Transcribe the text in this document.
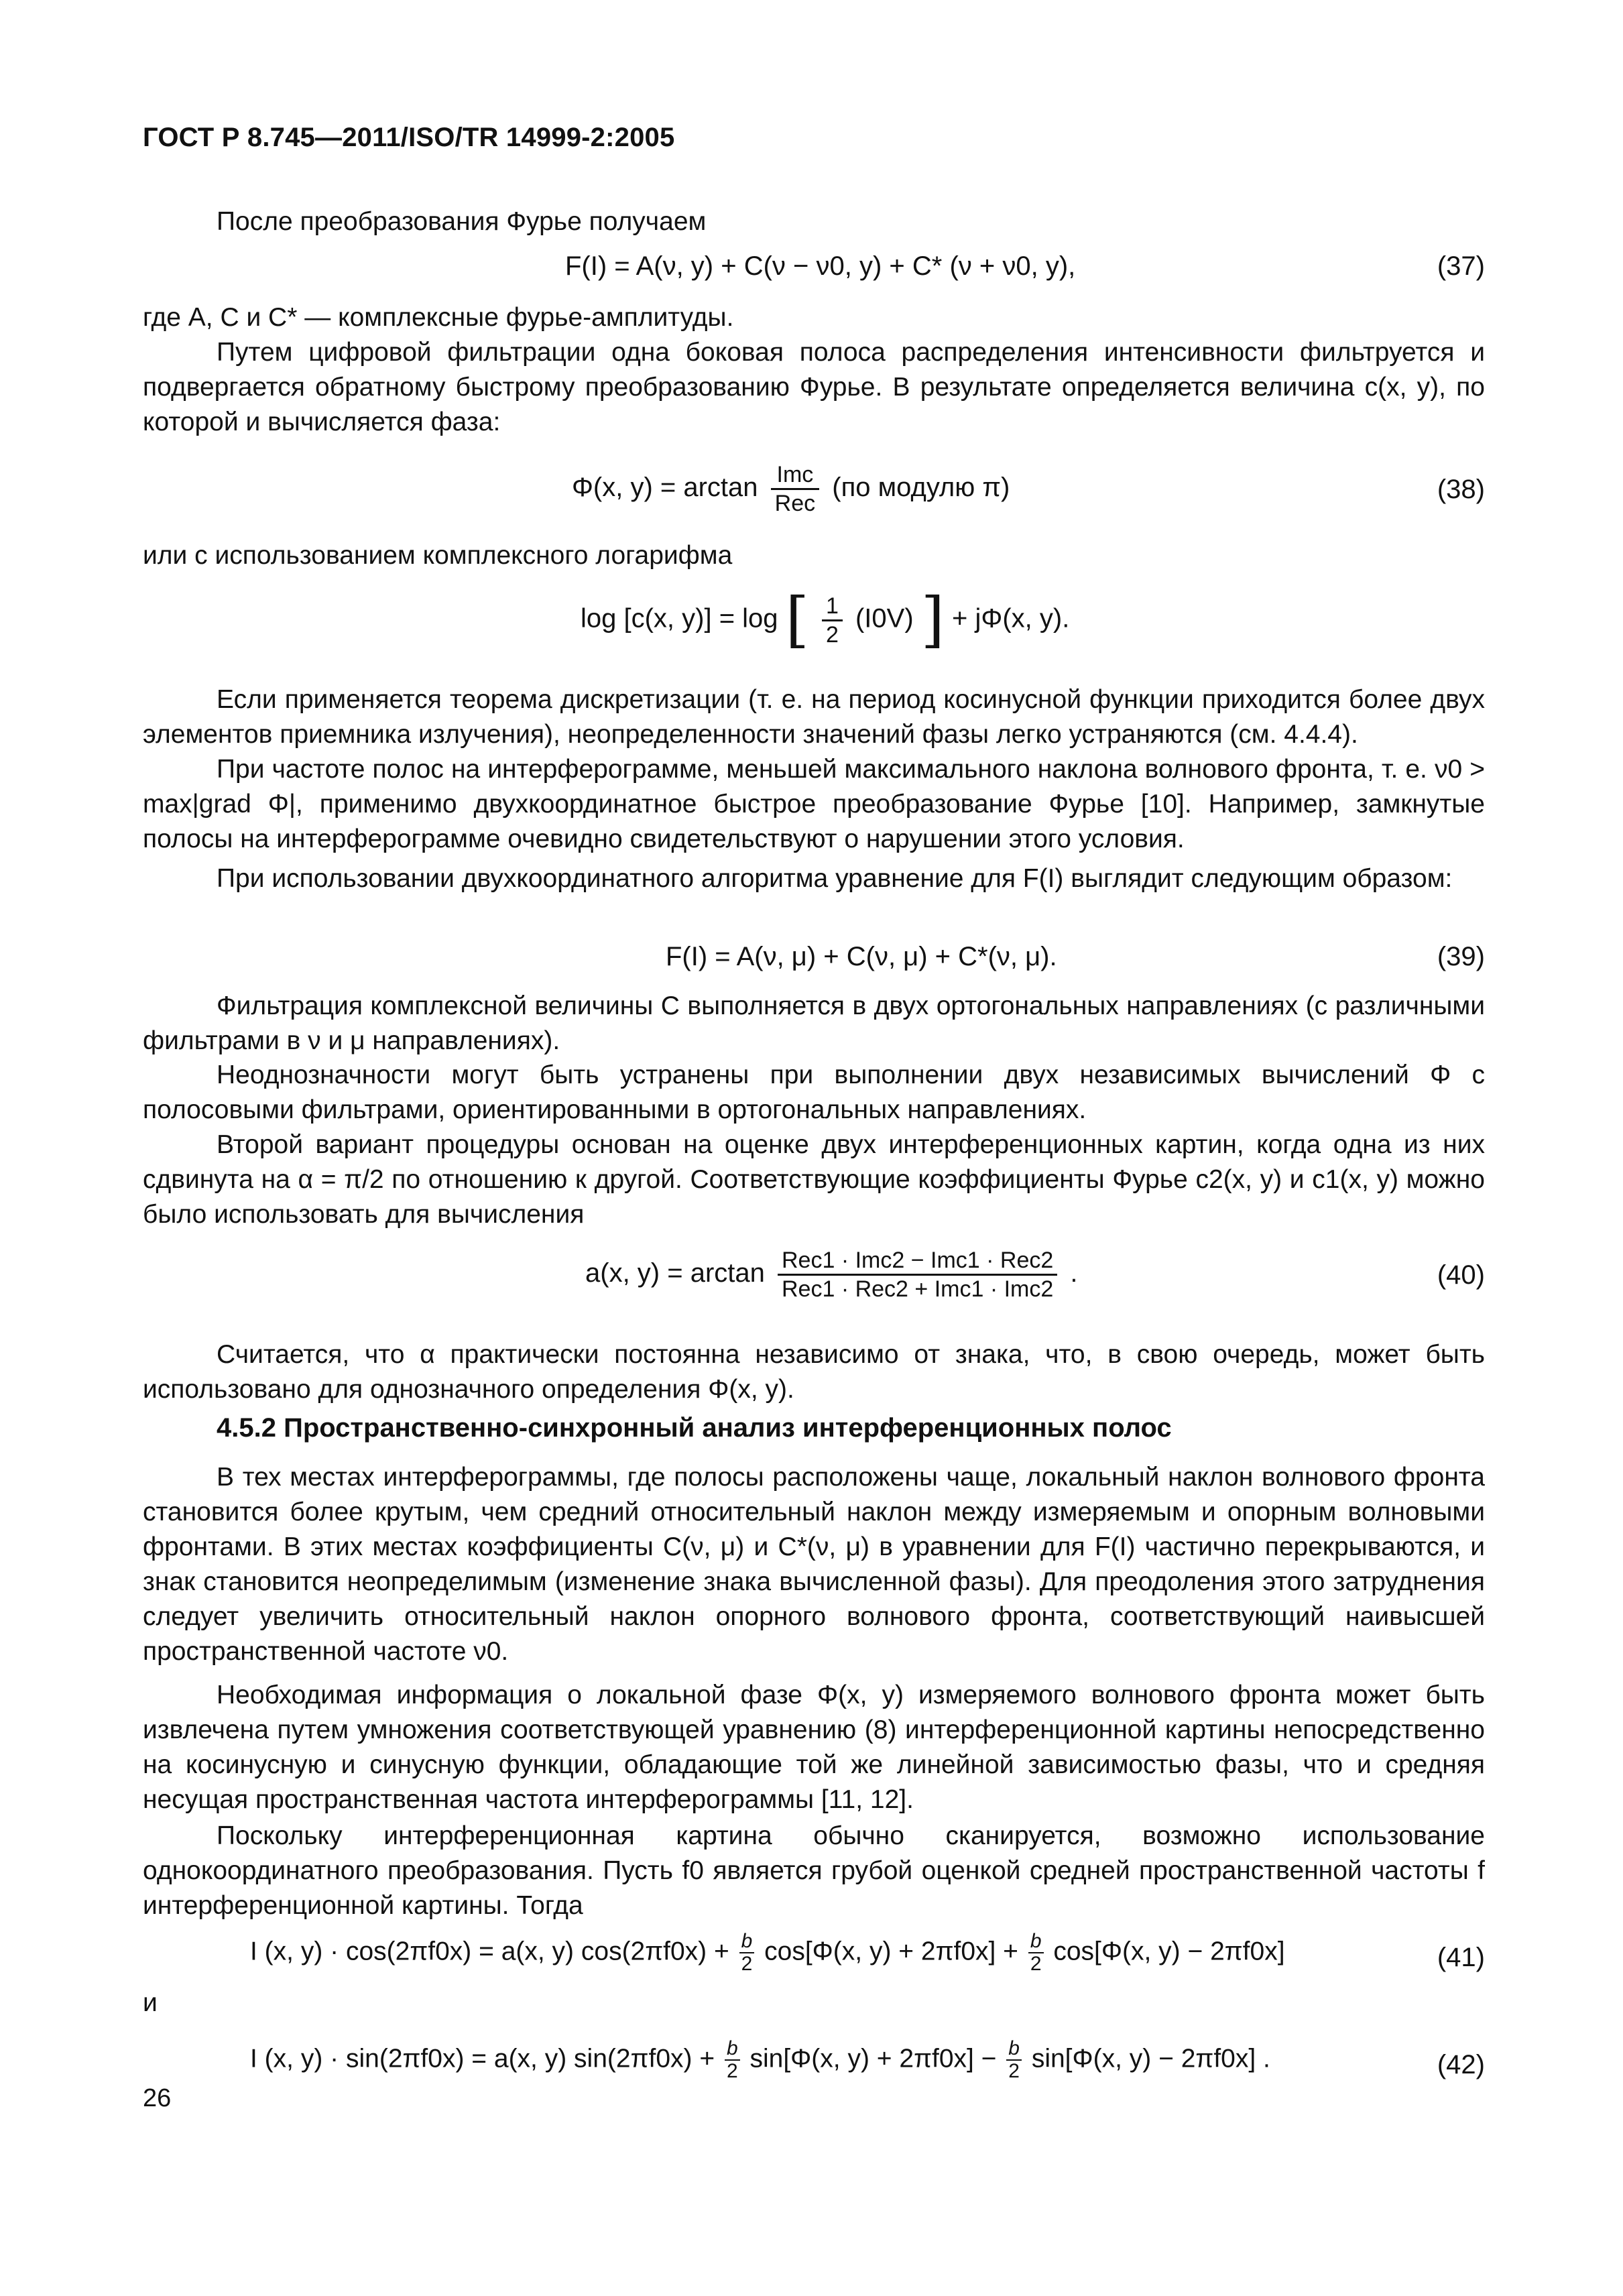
ГОСТ Р 8.745—2011/ISO/TR 14999-2:2005

После преобразования Фурье получаем

F(I) = A(ν, y) + C(ν − ν0, y) + C* (ν + ν0, y),	(37)

где A, C и C* — комплексные фурье-амплитуды.

Путем цифровой фильтрации одна боковая полоса распределения интенсивности фильтруется и подвергается обратному быстрому преобразованию Фурье. В результате определяется величина c(x, y), по которой и вычисляется фаза:

Φ(x, $y) = \arctan \frac{\text{Imc}}{\text{Rec}} (по$ модулю π)	(38)

или с использованием комплексного логарифма

log [c(x, y)] = log [ $\frac{1}{2} (I0V)$ ] + jΦ(x, y).

Если применяется теорема дискретизации (т. е. на период косинусной функции приходится более двух элементов приемника излучения), неопределенности значений фазы легко устраняются (см. 4.4.4).

При частоте полос на интерферограмме, меньшей максимального наклона волнового фронта, т. е. ν0 > max|grad Φ|, применимо двухкоординатное быстрое преобразование Фурье [10]. Например, замкнутые полосы на интерферограмме очевидно свидетельствуют о нарушении этого условия.

При использовании двухкоординатного алгоритма уравнение для F(I) выглядит следующим образом:

F(I) = A(ν, μ) + C(ν, μ) + C*(ν, μ).	(39)

Фильтрация комплексной величины C выполняется в двух ортогональных направлениях (с различными фильтрами в ν и μ направлениях).

Неоднозначности могут быть устранены при выполнении двух независимых вычислений Φ с полосовыми фильтрами, ориентированными в ортогональных направлениях.

Второй вариант процедуры основан на оценке двух интерференционных картин, когда одна из них сдвинута на α = π/2 по отношению к другой. Соответствующие коэффициенты Фурье c2(x, y) и c1(x, y) можно было использовать для вычисления

a(x, $y) = \arctan \frac{\text{Rec1 · Imc2 − Imc1 · Rec2}}{\text{Rec1 · Rec2 + Imc1 · Imc2}}$ .	(40)

Считается, что α практически постоянна независимо от знака, что, в свою очередь, может быть использовано для однозначного определения Φ(x, y).

4.5.2 Пространственно-синхронный анализ интерференционных полос

В тех местах интерферограммы, где полосы расположены чаще, локальный наклон волнового фронта становится более крутым, чем средний относительный наклон между измеряемым и опорным волновыми фронтами. В этих местах коэффициенты C(ν, μ) и C*(ν, μ) в уравнении для F(I) частично перекрываются, и знак становится неопределимым (изменение знака вычисленной фазы). Для преодоления этого затруднения следует увеличить относительный наклон опорного волнового фронта, соответствующий наивысшей пространственной частоте ν0.

Необходимая информация о локальной фазе Φ(x, y) измеряемого волнового фронта может быть извлечена путем умножения соответствующей уравнению (8) интерференционной картины непосредственно на косинусную и синусную функции, обладающие той же линейной зависимостью фазы, что и средняя несущая пространственная частота интерферограммы [11, 12].

Поскольку интерференционная картина обычно сканируется, возможно использование однокоординатного преобразования. Пусть f0 является грубой оценкой средней пространственной частоты f интерференционной картины. Тогда

I (x, y) · cos(2πf0x) = a(x, y) $\cos(2\pi f0x) + \frac{b}{2} \cos[\Phi(x$, $y) + 2\pi f0x] + \frac{b}{2} \cos[\Phi(x$, y) − 2πf0x]	(41)

и

I (x, y) · sin(2πf0x) = a(x, y) $\sin(2\pi f0x) + \frac{b}{2} \sin[\Phi(x$, $y) + 2\pi f0x] - \frac{b}{2} \sin[\Phi(x$, y) − 2πf0x] .	(42)
26
